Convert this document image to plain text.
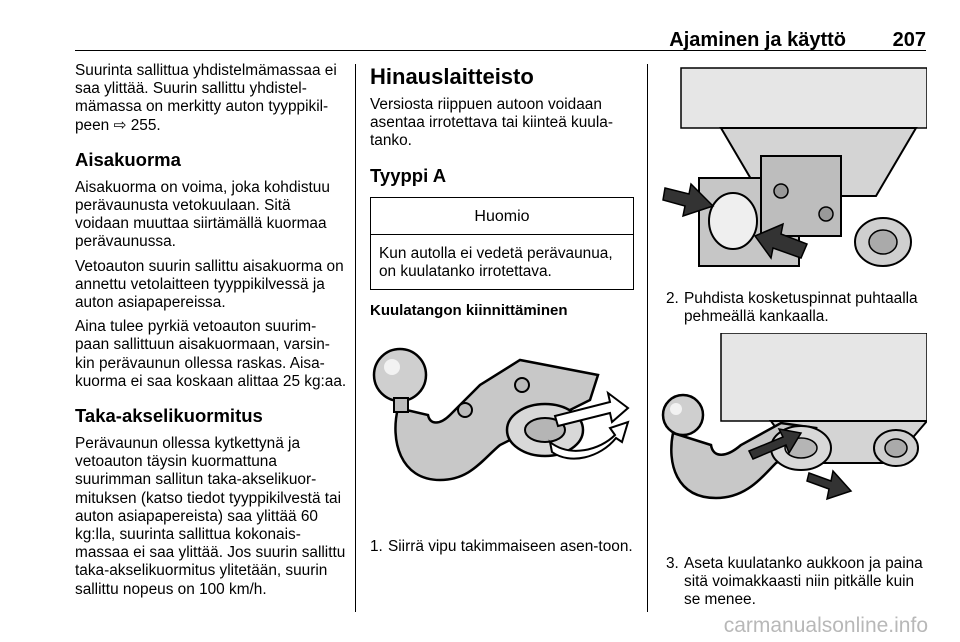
Ajaminen ja käyttö 207

Suurinta sallittua yhdistelmämassaa ei saa ylittää. Suurin sallittu yhdistel-mämassa on merkitty auton tyyppikil-peen ⇨ 255.

Aisakuorma

Aisakuorma on voima, joka kohdistuu perävaunusta vetokuulaan. Sitä voidaan muuttaa siirtämällä kuormaa perävaunussa.

Vetoauton suurin sallittu aisakuorma on annettu vetolaitteen tyyppikilvessä ja auton asiapapereissa.

Aina tulee pyrkiä vetoauton suurim-paan sallittuun aisakuormaan, varsin-kin perävaunun ollessa raskas. Aisa-kuorma ei saa koskaan alittaa 25 kg:aa.

Taka-akselikuormitus

Perävaunun ollessa kytkettynä ja vetoauton täysin kuormattuna suurimman sallitun taka-akselikuor-mituksen (katso tiedot tyyppikilvestä tai auton asiapapereista) saa ylittää 60 kg:lla, suurinta sallittua kokonais-massaa ei saa ylittää. Jos suurin sallittu taka-akselikuormitus ylitetään, suurin sallittu nopeus on 100 km/h.

Hinauslaitteisto

Versiosta riippuen autoon voidaan asentaa irrotettava tai kiinteä kuula-tanko.

Tyyppi A
Huomio
Kun autolla ei vedetä perävaunua, on kuulatanko irrotettava.
Kuulatangon kiinnittäminen
1. Siirrä vipu takimmaiseen asen-toon.
2. Puhdista kosketuspinnat puhtaalla pehmeällä kankaalla.
3. Aseta kuulatanko aukkoon ja paina sitä voimakkaasti niin pitkälle kuin se menee.
carmanualsonline.info
